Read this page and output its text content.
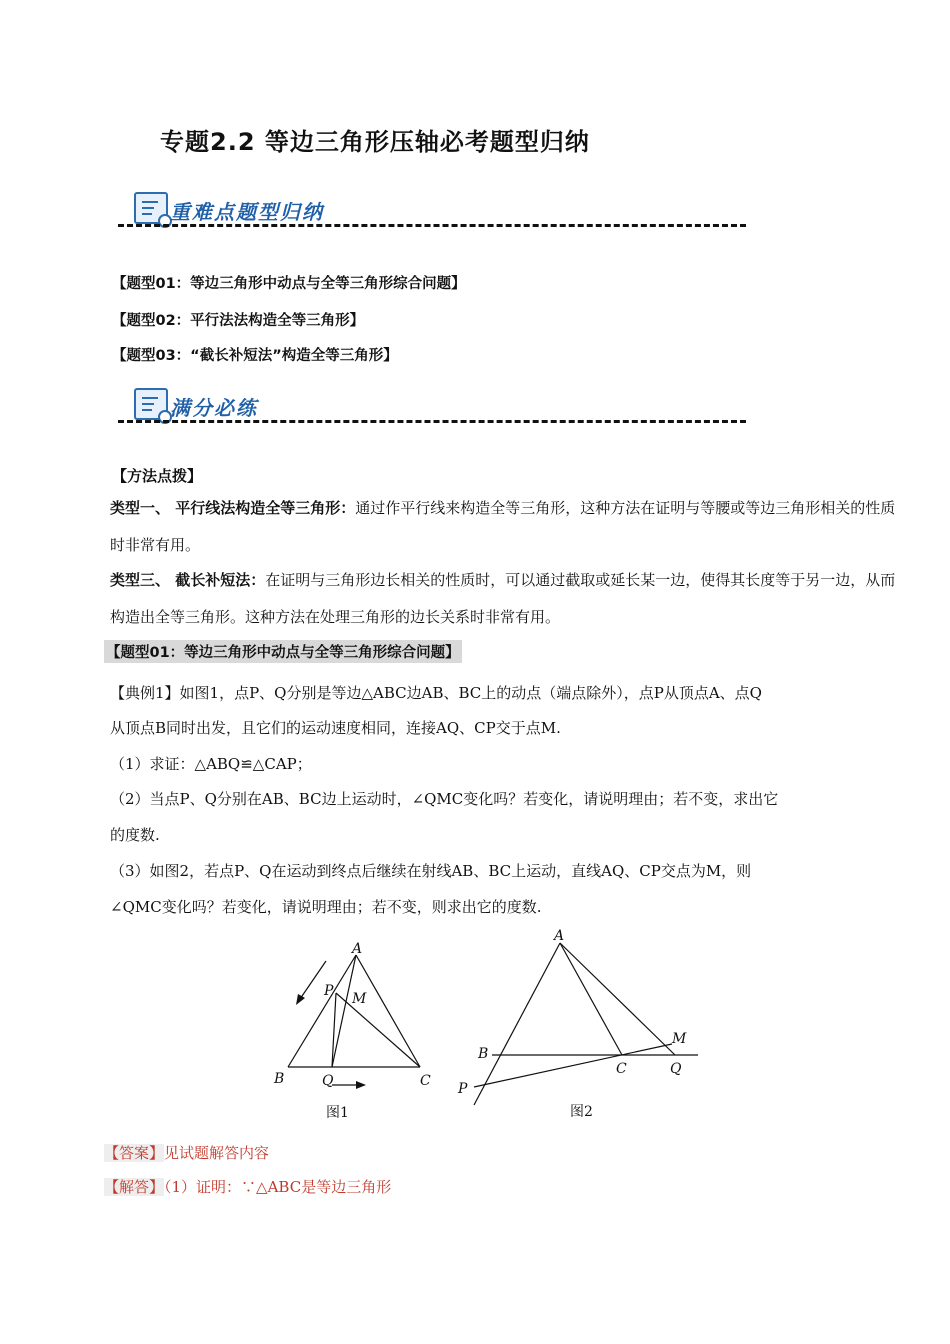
专题2.2 等边三角形压轴必考题型归纳
重难点题型归纳
【题型01：等边三角形中动点与全等三角形综合问题】
【题型02：平行法法构造全等三角形】
【题型03：“截长补短法”构造全等三角形】
满分必练
【方法点拨】
类型一、 平行线法构造全等三角形：通过作平行线来构造全等三角形，这种方法在证明与等腰或等边三角形相关的性质时非常有用。
类型三、 截长补短法：在证明与三角形边长相关的性质时，可以通过截取或延长某一边，使得其长度等于另一边，从而构造出全等三角形。这种方法在处理三角形的边长关系时非常有用。
【题型01：等边三角形中动点与全等三角形综合问题】
【典例1】如图1，点P、Q分别是等边△ABC边AB、BC上的动点（端点除外），点P从顶点A、点Q
从顶点B同时出发，且它们的运动速度相同，连接AQ、CP交于点M.
（1）求证：△ABQ≌△CAP；
（2）当点P、Q分别在AB、BC边上运动时，∠QMC变化吗？若变化，请说明理由；若不变，求出它
的度数.
（3）如图2，若点P、Q在运动到终点后继续在射线AB、BC上运动，直线AQ、CP交点为M，则
∠QMC变化吗？若变化，请说明理由；若不变，则求出它的度数.
A
B	C
P
Q
M
图1
A
B
C
P
Q
M
图2
【答案】见试题解答内容
【解答】（1）证明：∵△ABC是等边三角形
